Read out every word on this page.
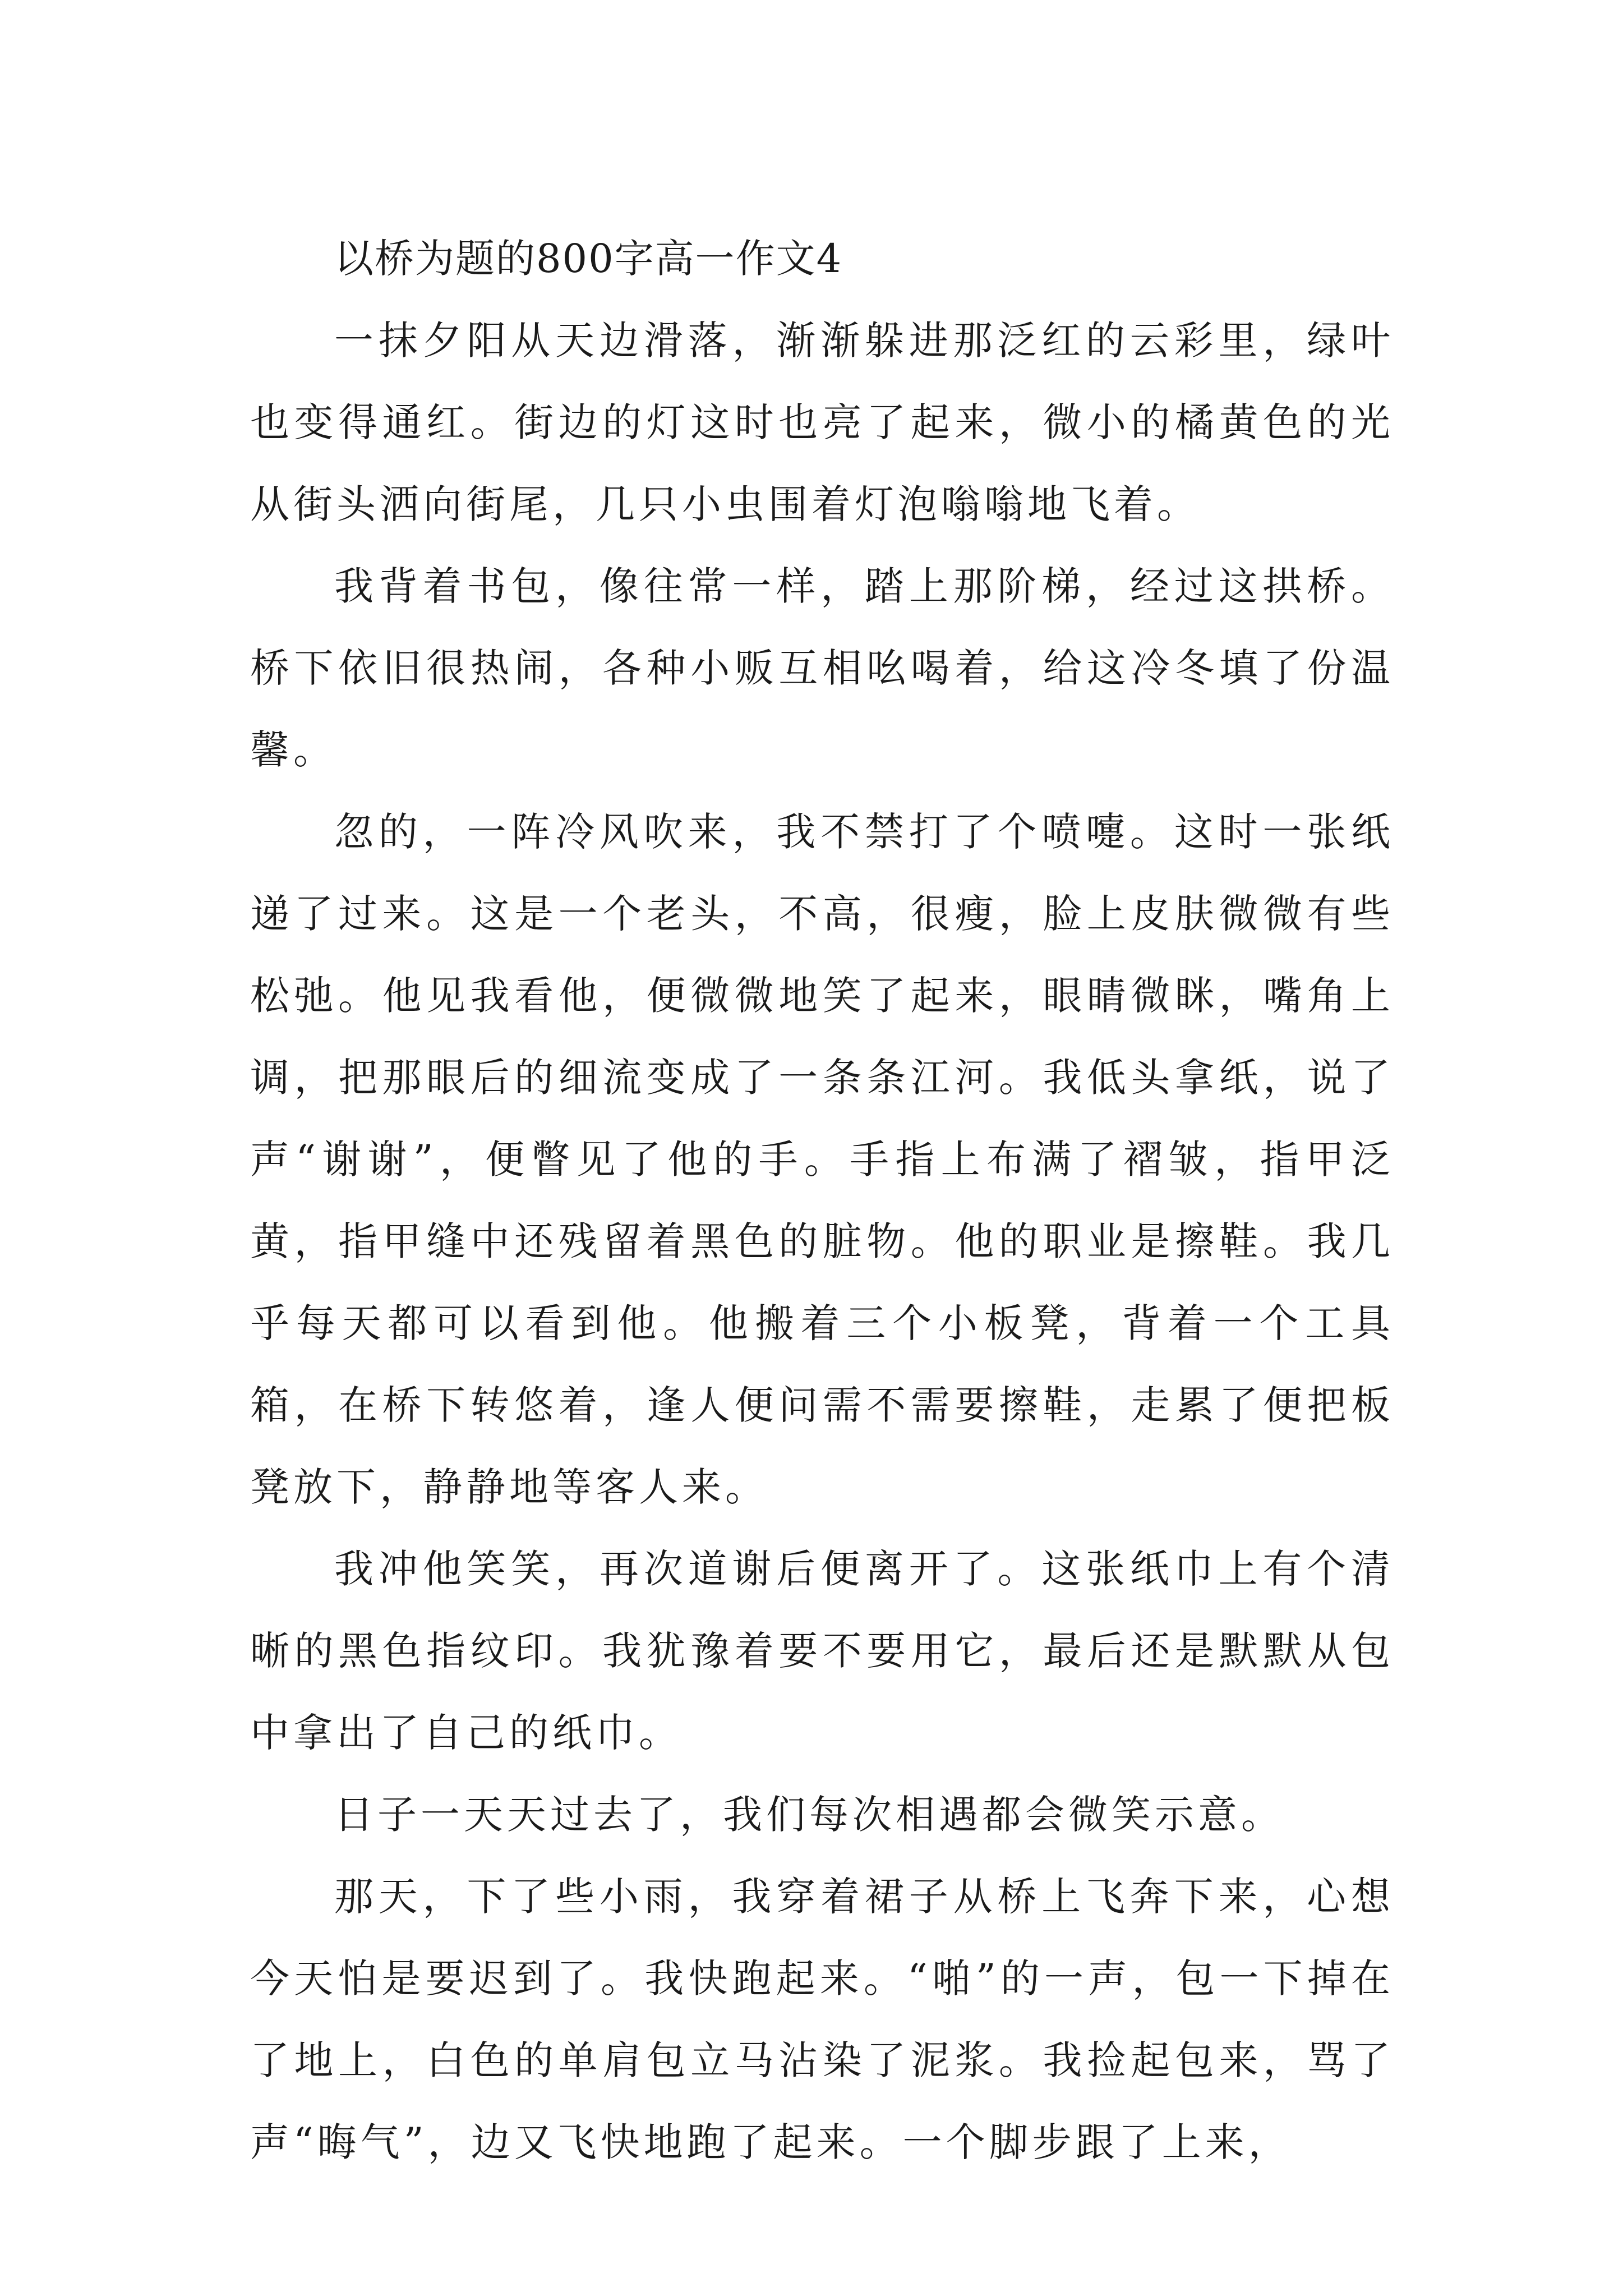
以桥为题的800字高一作文4

一抹夕阳从天边滑落，渐渐躲进那泛红的云彩里，绿叶也变得通红。街边的灯这时也亮了起来，微小的橘黄色的光从街头洒向街尾，几只小虫围着灯泡嗡嗡地飞着。

我背着书包，像往常一样，踏上那阶梯，经过这拱桥。桥下依旧很热闹，各种小贩互相吆喝着，给这冷冬填了份温馨。

忽的，一阵冷风吹来，我不禁打了个喷嚏。这时一张纸递了过来。这是一个老头，不高，很瘦，脸上皮肤微微有些松弛。他见我看他，便微微地笑了起来，眼睛微眯，嘴角上调，把那眼后的细流变成了一条条江河。我低头拿纸，说了声“谢谢”，便瞥见了他的手。手指上布满了褶皱，指甲泛黄，指甲缝中还残留着黑色的脏物。他的职业是擦鞋。我几乎每天都可以看到他。他搬着三个小板凳，背着一个工具箱，在桥下转悠着，逢人便问需不需要擦鞋，走累了便把板凳放下，静静地等客人来。

我冲他笑笑，再次道谢后便离开了。这张纸巾上有个清晰的黑色指纹印。我犹豫着要不要用它，最后还是默默从包中拿出了自己的纸巾。

日子一天天过去了，我们每次相遇都会微笑示意。

那天，下了些小雨，我穿着裙子从桥上飞奔下来，心想今天怕是要迟到了。我快跑起来。“啪”的一声，包一下掉在了地上，白色的单肩包立马沾染了泥浆。我捡起包来，骂了声“晦气”，边又飞快地跑了起来。一个脚步跟了上来，
